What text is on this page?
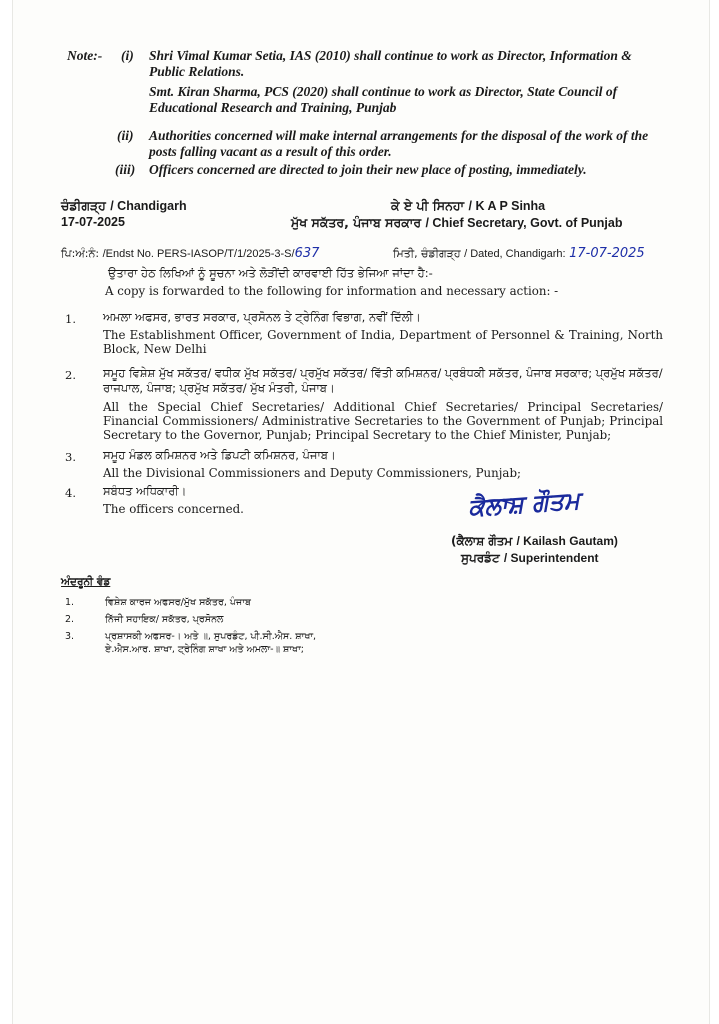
Note:- (i) Shri Vimal Kumar Setia, IAS (2010) shall continue to work as Director, Information & Public Relations.
Smt. Kiran Sharma, PCS (2020) shall continue to work as Director, State Council of Educational Research and Training, Punjab
(ii) Authorities concerned will make internal arrangements for the disposal of the work of the posts falling vacant as a result of this order.
(iii) Officers concerned are directed to join their new place of posting, immediately.
ਚੰਡੀਗੜ੍ਹ / Chandigarh
17-07-2025
ਕੇ ਏ ਪੀ ਸਿਨਹਾ / K A P Sinha
ਮੁੱਖ ਸਕੱਤਰ, ਪੰਜਾਬ ਸਰਕਾਰ / Chief Secretary, Govt. of Punjab
ਪਿ:ਅੰ:ਨੰ: /Endst No. PERS-IASOP/T/1/2025-3-S/637	ਮਿਤੀ, ਚੰਡੀਗੜ੍ਹ / Dated, Chandigarh: 17-07-2025
ਉਤਾਰਾ ਹੇਠ ਲਿਖਿਆਂ ਨੂੰ ਸੂਚਨਾ ਅਤੇ ਲੋੜੀਂਦੀ ਕਾਰਵਾਈ ਹਿੱਤ ਭੇਜਿਆ ਜਾਂਦਾ ਹੈ:-
A copy is forwarded to the following for information and necessary action: -
1. ਅਮਲਾ ਅਫਸਰ, ਭਾਰਤ ਸਰਕਾਰ, ਪ੍ਰਸੋਨਲ ਤੇ ਟ੍ਰੇਨਿੰਗ ਵਿਭਾਗ, ਨਵੀਂ ਦਿੱਲੀ।
The Establishment Officer, Government of India, Department of Personnel & Training, North Block, New Delhi
2. ਸਮੂਹ ਵਿਸ਼ੇਸ਼ ਮੁੱਖ ਸਕੱਤਰ/ ਵਧੀਕ ਮੁੱਖ ਸਕੱਤਰ/ ਪ੍ਰਮੁੱਖ ਸਕੱਤਰ/ ਵਿੱਤੀ ਕਮਿਸ਼ਨਰ/ ਪ੍ਰਬੰਧਕੀ ਸਕੱਤਰ, ਪੰਜਾਬ ਸਰਕਾਰ; ਪ੍ਰਮੁੱਖ ਸਕੱਤਰ/ ਰਾਜਪਾਲ, ਪੰਜਾਬ; ਪ੍ਰਮੁੱਖ ਸਕੱਤਰ/ ਮੁੱਖ ਮੰਤਰੀ, ਪੰਜਾਬ।
All the Special Chief Secretaries/ Additional Chief Secretaries/ Principal Secretaries/ Financial Commissioners/ Administrative Secretaries to the Government of Punjab; Principal Secretary to the Governor, Punjab; Principal Secretary to the Chief Minister, Punjab;
3. ਸਮੂਹ ਮੰਡਲ ਕਮਿਸ਼ਨਰ ਅਤੇ ਡਿਪਟੀ ਕਮਿਸ਼ਨਰ, ਪੰਜਾਬ।
All the Divisional Commissioners and Deputy Commissioners, Punjab;
4. ਸਬੰਧਤ ਅਧਿਕਾਰੀ।
The officers concerned.	ਕੈਲਾਸ਼ ਗੌਤਮ
(ਕੈਲਾਸ਼ ਗੌਤਮ / Kailash Gautam)
ਸੁਪਰਡੰਟ / Superintendent
ਅੰਦਰੂਨੀ ਵੰਡ
1.	ਵਿਸ਼ੇਸ਼ ਕਾਰਜ ਅਫਸਰ/ਮੁੱਖ ਸਕੱਤਰ, ਪੰਜਾਬ
2.	ਨਿੱਜੀ ਸਹਾਇਕ/ ਸਕੱਤਰ, ਪ੍ਰਸੋਨਲ
3.	ਪ੍ਰਸ਼ਾਸਕੀ ਅਫਸਰ-। ਅਤੇ ॥, ਸੁਪਰਡੰਟ, ਪੀ.ਸੀ.ਐਸ. ਸ਼ਾਖਾ, ਏ.ਐਸ.ਆਰ. ਸ਼ਾਖਾ, ਟ੍ਰੇਨਿੰਗ ਸ਼ਾਖਾ ਅਤੇ ਅਮਲਾ-॥ ਸ਼ਾਖਾ;
